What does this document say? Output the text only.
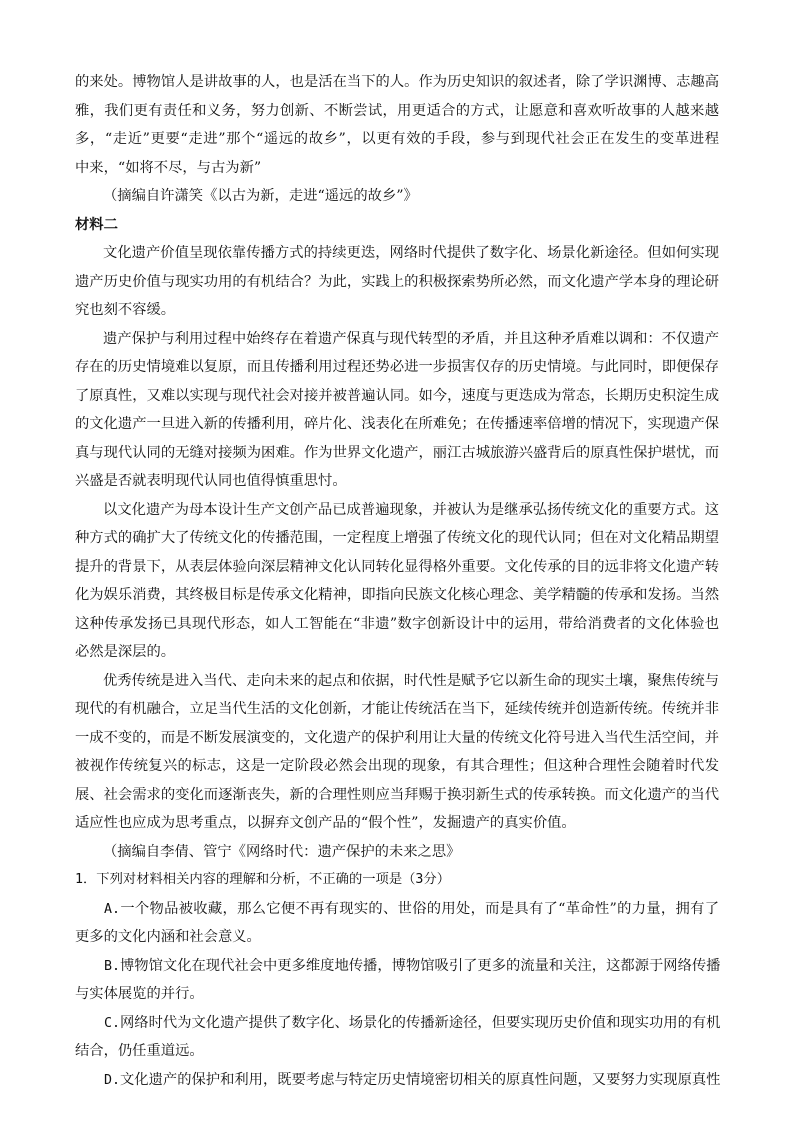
的来处。博物馆人是讲故事的人，也是活在当下的人。作为历史知识的叙述者，除了学识渊博、志趣高
雅，我们更有责任和义务，努力创新、不断尝试，用更适合的方式，让愿意和喜欢听故事的人越来越
多，“走近”更要“走进”那个“遥远的故乡”，以更有效的手段，参与到现代社会正在发生的变革进程
中来，“如将不尽，与古为新”
（摘编自许潇笑《以古为新，走进“遥远的故乡”》
材料二
文化遗产价值呈现依靠传播方式的持续更迭，网络时代提供了数字化、场景化新途径。但如何实现
遗产历史价值与现实功用的有机结合？为此，实践上的积极探索势所必然，而文化遗产学本身的理论研
究也刻不容缓。
遗产保护与利用过程中始终存在着遗产保真与现代转型的矛盾，并且这种矛盾难以调和：不仅遗产
存在的历史情境难以复原，而且传播利用过程还势必进一步损害仅存的历史情境。与此同时，即便保存
了原真性，又难以实现与现代社会对接并被普遍认同。如今，速度与更迭成为常态，长期历史积淀生成
的文化遗产一旦进入新的传播利用，碎片化、浅表化在所难免；在传播速率倍增的情况下，实现遗产保
真与现代认同的无缝对接频为困难。作为世界文化遗产，丽江古城旅游兴盛背后的原真性保护堪忧，而
兴盛是否就表明现代认同也值得慎重思忖。
以文化遗产为母本设计生产文创产品已成普遍现象，并被认为是继承弘扬传统文化的重要方式。这
种方式的确扩大了传统文化的传播范围，一定程度上增强了传统文化的现代认同；但在对文化精品期望
提升的背景下，从表层体验向深层精神文化认同转化显得格外重要。文化传承的目的远非将文化遗产转
化为娱乐消费，其终极目标是传承文化精神，即指向民族文化核心理念、美学精髓的传承和发扬。当然
这种传承发扬已具现代形态，如人工智能在“非遗”数字创新设计中的运用，带给消费者的文化体验也
必然是深层的。
优秀传统是进入当代、走向未来的起点和依据，时代性是赋予它以新生命的现实土壤，聚焦传统与
现代的有机融合，立足当代生活的文化创新，才能让传统活在当下，延续传统并创造新传统。传统并非
一成不变的，而是不断发展演变的，文化遗产的保护利用让大量的传统文化符号进入当代生活空间，并
被视作传统复兴的标志，这是一定阶段必然会出现的现象，有其合理性；但这种合理性会随着时代发
展、社会需求的变化而逐渐丧失，新的合理性则应当拜赐于换羽新生式的传承转换。而文化遗产的当代
适应性也应成为思考重点，以摒弃文创产品的“假个性”，发掘遗产的真实价值。
（摘编自李倩、管宁《网络时代：遗产保护的未来之思》
1．下列对材料相关内容的理解和分析，不正确的一项是（3分）
A.一个物品被收藏，那么它便不再有现实的、世俗的用处，而是具有了“革命性”的力量，拥有了
更多的文化内涵和社会意义。
B.博物馆文化在现代社会中更多维度地传播，博物馆吸引了更多的流量和关注，这都源于网络传播
与实体展览的并行。
C.网络时代为文化遗产提供了数字化、场景化的传播新途径，但要实现历史价值和现实功用的有机
结合，仍任重道远。
D.文化遗产的保护和利用，既要考虑与特定历史情境密切相关的原真性问题，又要努力实现原真性
